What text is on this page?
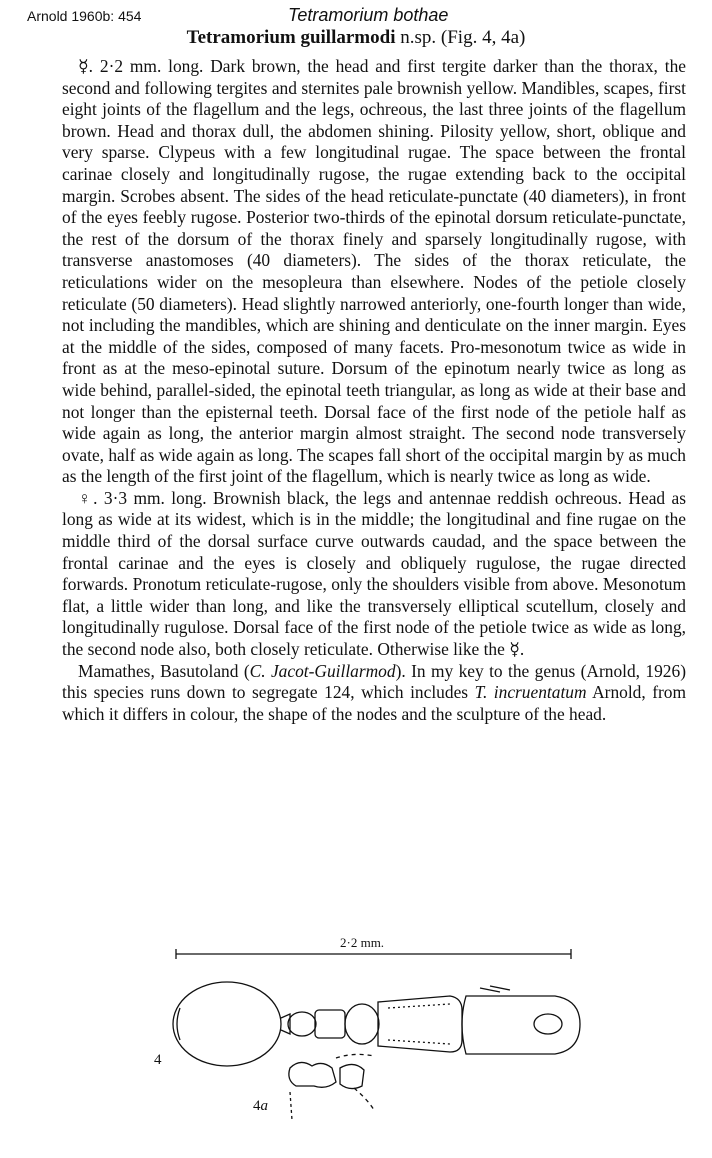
Arnold 1960b: 454	Tetramorium bothae
Tetramorium guillarmodi n.sp. (Fig. 4, 4a)

☿. 2·2 mm. long. Dark brown, the head and first tergite darker than the thorax, the second and following tergites and sternites pale brownish yellow. Mandibles, scapes, first eight joints of the flagellum and the legs, ochreous, the last three joints of the flagellum brown. Head and thorax dull, the abdomen shining. Pilosity yellow, short, oblique and very sparse. Clypeus with a few longitudinal rugae. The space between the frontal carinae closely and longitudinally rugose, the rugae extending back to the occipital margin. Scrobes absent. The sides of the head reticulate-punctate (40 diameters), in front of the eyes feebly rugose. Posterior two-thirds of the epinotal dorsum reticulate-punctate, the rest of the dorsum of the thorax finely and sparsely longitudinally rugose, with transverse anastomoses (40 diameters). The sides of the thorax reticulate, the reticulations wider on the mesopleura than elsewhere. Nodes of the petiole closely reticulate (50 diameters). Head slightly narrowed anteriorly, one-fourth longer than wide, not including the mandibles, which are shining and denticulate on the inner margin. Eyes at the middle of the sides, composed of many facets. Pro-mesonotum twice as wide in front as at the meso-epinotal suture. Dorsum of the epinotum nearly twice as long as wide behind, parallel-sided, the epinotal teeth triangular, as long as wide at their base and not longer than the episternal teeth. Dorsal face of the first node of the petiole half as wide again as long, the anterior margin almost straight. The second node transversely ovate, half as wide again as long. The scapes fall short of the occipital margin by as much as the length of the first joint of the flagellum, which is nearly twice as long as wide.

♀. 3·3 mm. long. Brownish black, the legs and antennae reddish ochreous. Head as long as wide at its widest, which is in the middle; the longitudinal and fine rugae on the middle third of the dorsal surface curve outwards caudad, and the space between the frontal carinae and the eyes is closely and obliquely rugulose, the rugae directed forwards. Pronotum reticulate-rugose, only the shoulders visible from above. Mesonotum flat, a little wider than long, and like the transversely elliptical scutellum, closely and longitudinally rugulose. Dorsal face of the first node of the petiole twice as wide as long, the second node also, both closely reticulate. Otherwise like the ☿.

Mamathes, Basutoland (C. Jacot-Guillarmod). In my key to the genus (Arnold, 1926) this species runs down to segregate 124, which includes T. incruentatum Arnold, from which it differs in colour, the shape of the nodes and the sculpture of the head.

2·2 mm.
4
4a
